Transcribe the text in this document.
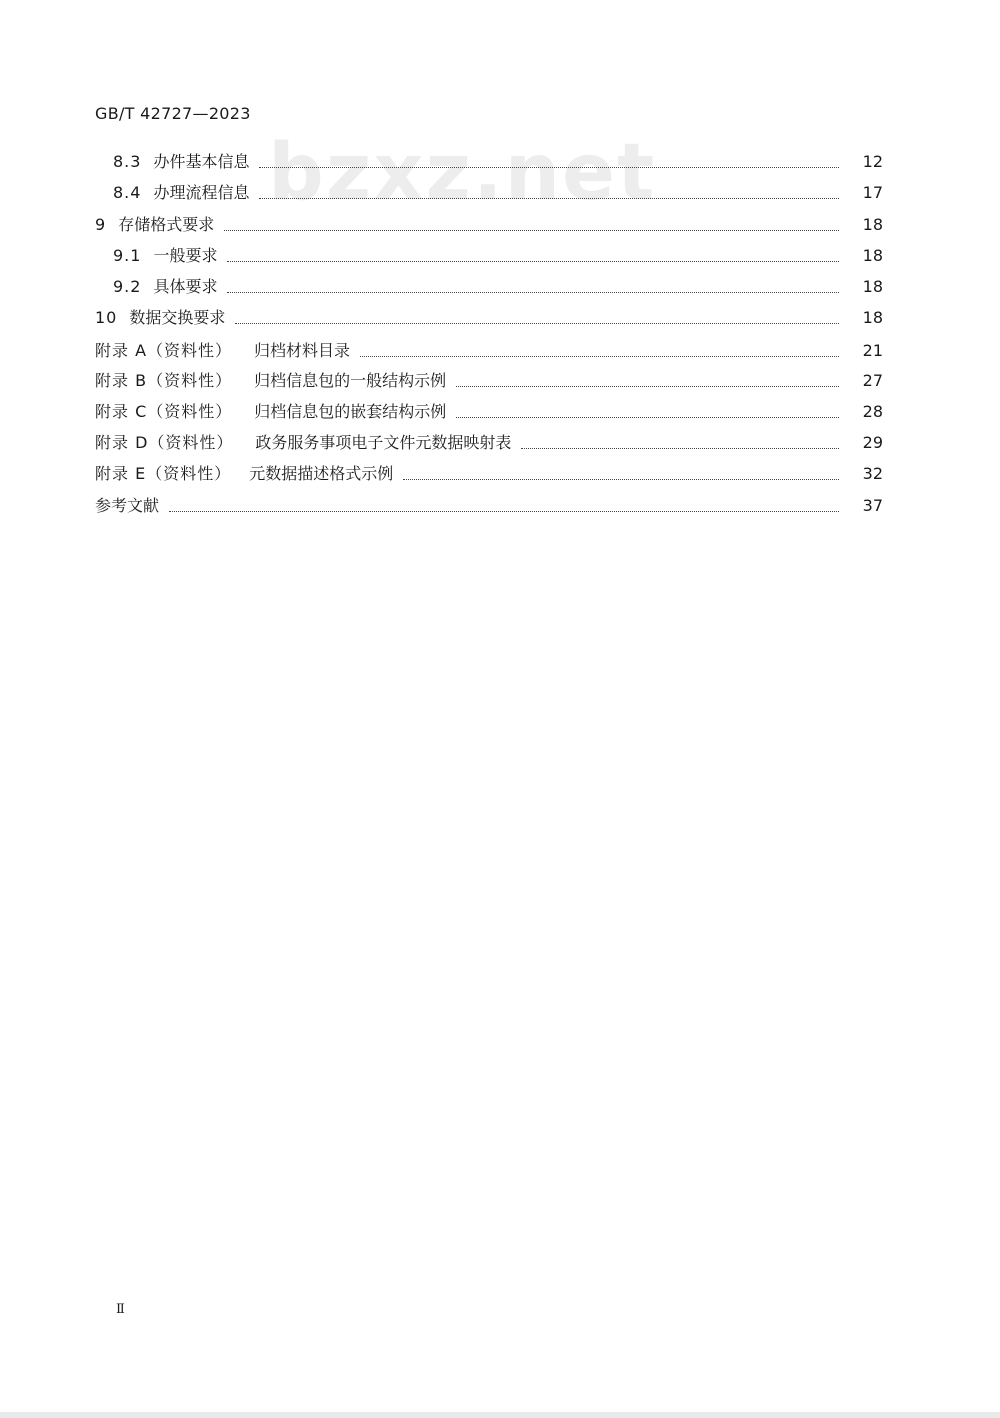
GB/T 42727—2023
bzxz.net
8.3 办件基本信息	12
8.4 办理流程信息	17
9 存储格式要求	18
9.1 一般要求	18
9.2 具体要求	18
10 数据交换要求	18
附录 A（资料性） 归档材料目录	21
附录 B（资料性） 归档信息包的一般结构示例	27
附录 C（资料性） 归档信息包的嵌套结构示例	28
附录 D（资料性） 政务服务事项电子文件元数据映射表	29
附录 E（资料性） 元数据描述格式示例	32
参考文献	37
Ⅱ
